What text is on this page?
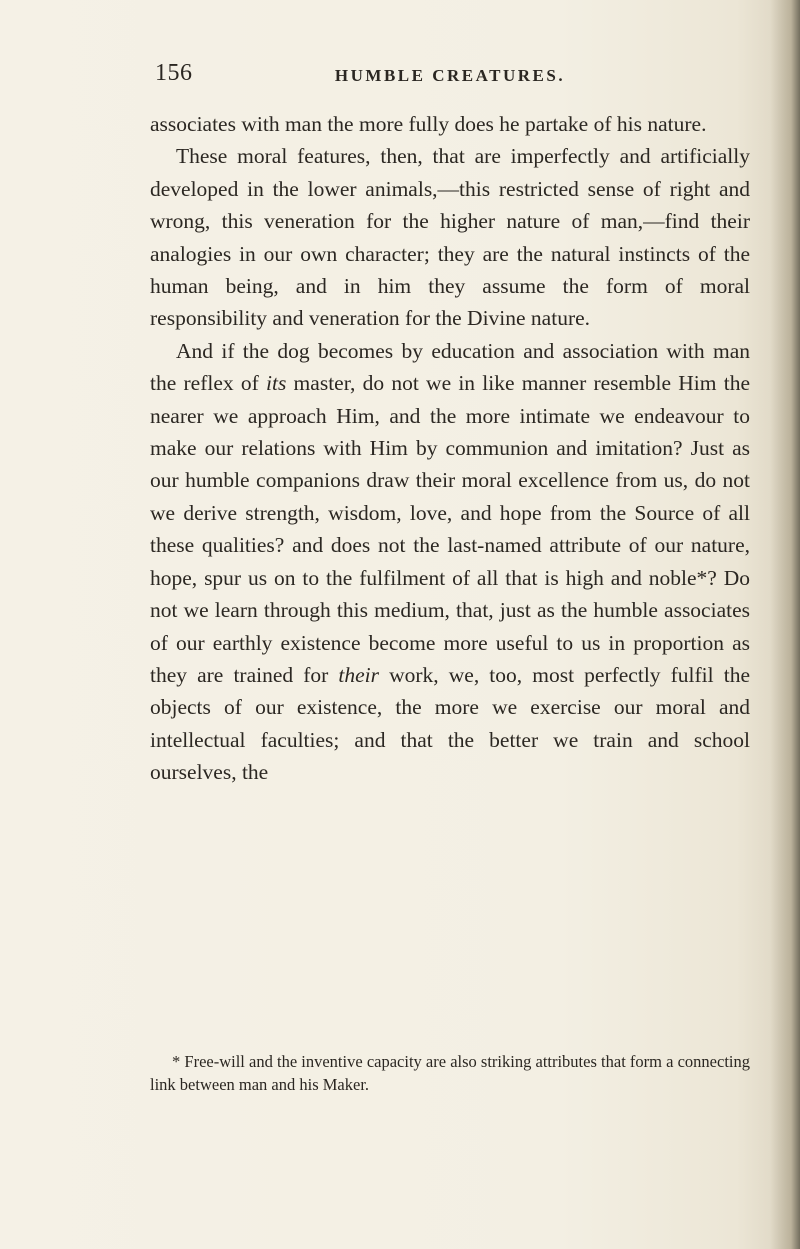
156	HUMBLE CREATURES.

associates with man the more fully does he partake of his nature.

These moral features, then, that are imperfectly and artificially developed in the lower animals,—this restricted sense of right and wrong, this veneration for the higher nature of man,—find their analogies in our own character; they are the natural instincts of the human being, and in him they assume the form of moral responsibility and veneration for the Divine nature.

And if the dog becomes by education and association with man the reflex of its master, do not we in like manner resemble Him the nearer we approach Him, and the more intimate we endeavour to make our relations with Him by communion and imitation? Just as our humble companions draw their moral excellence from us, do not we derive strength, wisdom, love, and hope from the Source of all these qualities? and does not the last-named attribute of our nature, hope, spur us on to the fulfilment of all that is high and noble*? Do not we learn through this medium, that, just as the humble associates of our earthly existence become more useful to us in proportion as they are trained for their work, we, too, most perfectly fulfil the objects of our existence, the more we exercise our moral and intellectual faculties; and that the better we train and school ourselves, the

* Free-will and the inventive capacity are also striking attributes that form a connecting link between man and his Maker.
